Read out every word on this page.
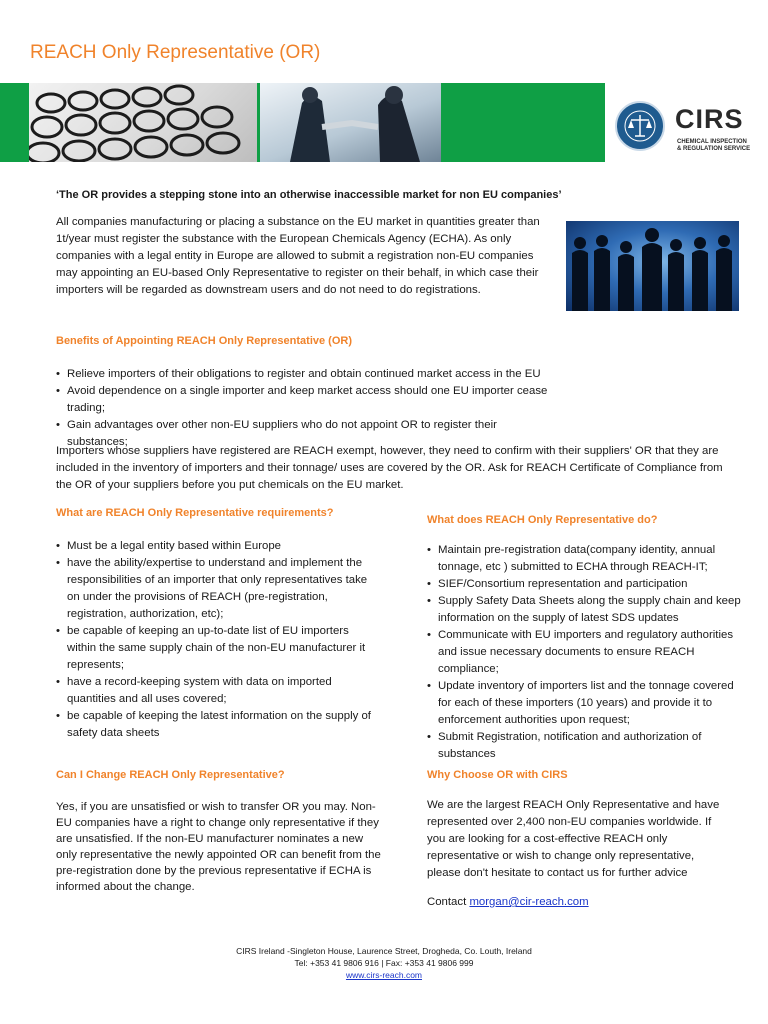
REACH Only Representative (OR)
CIRS
CHEMICAL INSPECTION
& REGULATION SERVICE

‘The OR provides a stepping stone into an otherwise inaccessible market for non EU companies’

All companies manufacturing or placing a substance on the EU market in quantities greater than 1t/year must register the substance with the European Chemicals Agency (ECHA). As only companies with a legal entity in Europe are allowed to submit a registration non-EU companies may appointing an EU-based Only Representative to register on their behalf, in which case their importers will be regarded as downstream users and do not need to do registrations.

Benefits of Appointing REACH Only Representative (OR)
• Relieve importers of their obligations to register and obtain continued market access in the EU
• Avoid dependence on a single importer and keep market access should one EU importer cease trading;
• Gain advantages over other non-EU suppliers who do not appoint OR to register their substances;

Importers whose suppliers have registered are REACH exempt, however, they need to confirm with their suppliers' OR that they are included in the inventory of importers and their tonnage/ uses are covered by the OR. Ask for REACH Certificate of Compliance from the OR of your suppliers before you put chemicals on the EU market.

What are REACH Only Representative requirements?
• Must be a legal entity based within Europe
• have the ability/expertise to understand and implement the responsibilities of an importer that only representatives take on under the provisions of REACH (pre-registration, registration, authorization, etc);
• be capable of keeping an up-to-date list of EU importers within the same supply chain of the non-EU manufacturer it represents;
• have a record-keeping system with data on imported quantities and all uses covered;
• be capable of keeping the latest information on the supply of safety data sheets
What does REACH Only Representative do?
• Maintain pre-registration data(company identity, annual tonnage, etc ) submitted to ECHA through REACH-IT;
• SIEF/Consortium representation and participation
• Supply Safety Data Sheets along the supply chain and keep information on the supply of latest SDS updates
• Communicate with EU importers and regulatory authorities and issue necessary documents to ensure REACH compliance;
• Update inventory of importers list and the tonnage covered for each of these importers (10 years) and provide it to enforcement authorities upon request;
• Submit Registration, notification and authorization of substances
Can I Change REACH Only Representative?

Yes, if you are unsatisfied or wish to transfer OR you may. Non-EU companies have a right to change only representative if they are unsatisfied. If the non-EU manufacturer nominates a new only representative the newly appointed OR can benefit from the pre-registration done by the previous representative if ECHA is informed about the change.

Why Choose OR with CIRS

We are the largest REACH Only Representative and have represented over 2,400 non-EU companies worldwide. If you are looking for a cost-effective REACH only representative or wish to change only representative, please don't hesitate to contact us for further advice

Contact morgan@cir-reach.com

CIRS Ireland -Singleton House, Laurence Street, Drogheda, Co. Louth, Ireland

Tel: +353 41 9806 916 | Fax: +353 41 9806 999

www.cirs-reach.com
